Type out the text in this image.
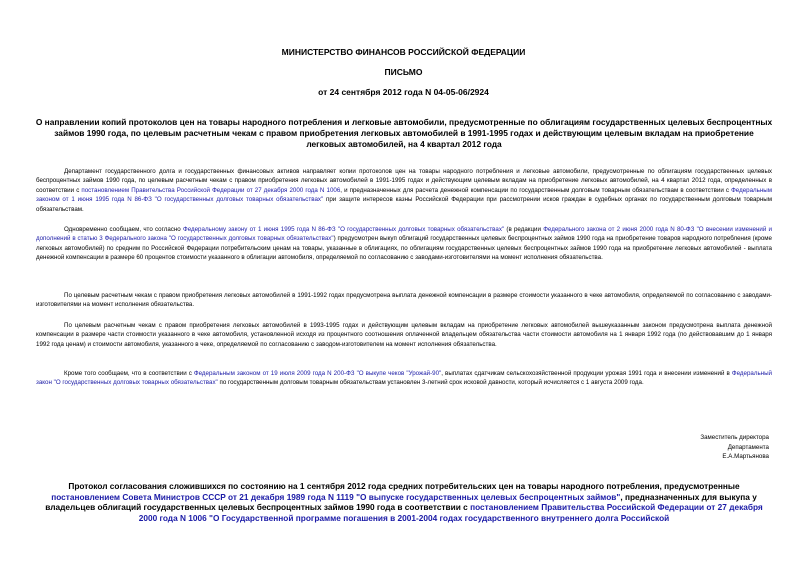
МИНИСТЕРСТВО ФИНАНСОВ РОССИЙСКОЙ ФЕДЕРАЦИИ
ПИСЬМО
от 24 сентября 2012 года N 04-05-06/2924

О направлении копий протоколов цен на товары народного потребления и легковые автомобили, предусмотренные по облигациям государственных целевых беспроцентных займов 1990 года, по целевым расчетным чекам с правом приобретения легковых автомобилей в 1991-1995 годах и действующим целевым вкладам на приобретение легковых автомобилей, на 4 квартал 2012 года

Департамент государственного долга и государственных финансовых активов направляет копии протоколов цен на товары народного потребления и легковые автомобили, предусмотренные по облигациям государственных целевых беспроцентных займов 1990 года, по целевым расчетным чекам с правом приобретения легковых автомобилей в 1991-1995 годах и действующим целевым вкладам на приобретение легковых автомобилей, на 4 квартал 2012 года, определенных в соответствии с постановлением Правительства Российской Федерации от 27 декабря 2000 года N 1006, и предназначенных для расчета денежной компенсации по государственным долговым товарным обязательствам в соответствии с Федеральным законом от 1 июня 1995 года N 86-ФЗ "О государственных долговых товарных обязательствах" при защите интересов казны Российской Федерации при рассмотрении исков граждан в судебных органах по государственным долговым товарным обязательствам.

Одновременно сообщаем, что согласно Федеральному закону от 1 июня 1995 года N 86-ФЗ "О государственных долговых товарных обязательствах" (в редакции Федерального закона от 2 июня 2000 года N 80-ФЗ "О внесении изменений и дополнений в статью 3 Федерального закона "О государственных долговых товарных обязательствах") предусмотрен выкуп облигаций государственных целевых беспроцентных займов 1990 года на приобретение товаров народного потребления (кроме легковых автомобилей) по средним по Российской Федерации потребительским ценам на товары, указанные в облигациях, по облигациям государственных целевых беспроцентных займов 1990 года на приобретение легковых автомобилей - выплата денежной компенсации в размере 60 процентов стоимости указанного в облигации автомобиля, определяемой по согласованию с заводами-изготовителями на момент исполнения обязательства.

По целевым расчетным чекам с правом приобретения легковых автомобилей в 1991-1992 годах предусмотрена выплата денежной компенсации в размере стоимости указанного в чеке автомобиля, определяемой по согласованию с заводами-изготовителями на момент исполнения обязательства.

По целевым расчетным чекам с правом приобретения легковых автомобилей в 1993-1995 годах и действующим целевым вкладам на приобретение легковых автомобилей вышеуказанным законом предусмотрена выплата денежной компенсации в размере части стоимости указанного в чеке автомобиля, установленной исходя из процентного соотношения оплаченной владельцем обязательства части стоимости автомобиля на 1 января 1992 года (по действовавшим до 1 января 1992 года ценам) и стоимости автомобиля, указанного в чеке, определяемой по согласованию с заводом-изготовителем на момент исполнения обязательства.

Кроме того сообщаем, что в соответствии с Федеральным законом от 19 июля 2009 года N 200-ФЗ "О выкупе чеков "Урожай-90", выплатах сдатчикам сельскохозяйственной продукции урожая 1991 года и внесении изменений в Федеральный закон "О государственных долговых товарных обязательствах" по государственным долговым товарным обязательствам установлен 3-летний срок исковой давности, который исчисляется с 1 августа 2009 года.

Заместитель директора
Департамента
Е.А.Мартьянова

Протокол согласования сложившихся по состоянию на 1 сентября 2012 года средних потребительских цен на товары народного потребления, предусмотренные постановлением Совета Министров СССР от 21 декабря 1989 года N 1119 "О выпуске государственных целевых беспроцентных займов", предназначенных для выкупа у владельцев облигаций государственных целевых беспроцентных займов 1990 года в соответствии с постановлением Правительства Российской Федерации от 27 декабря 2000 года N 1006 "О Государственной программе погашения в 2001-2004 годах государственного внутреннего долга Российской
